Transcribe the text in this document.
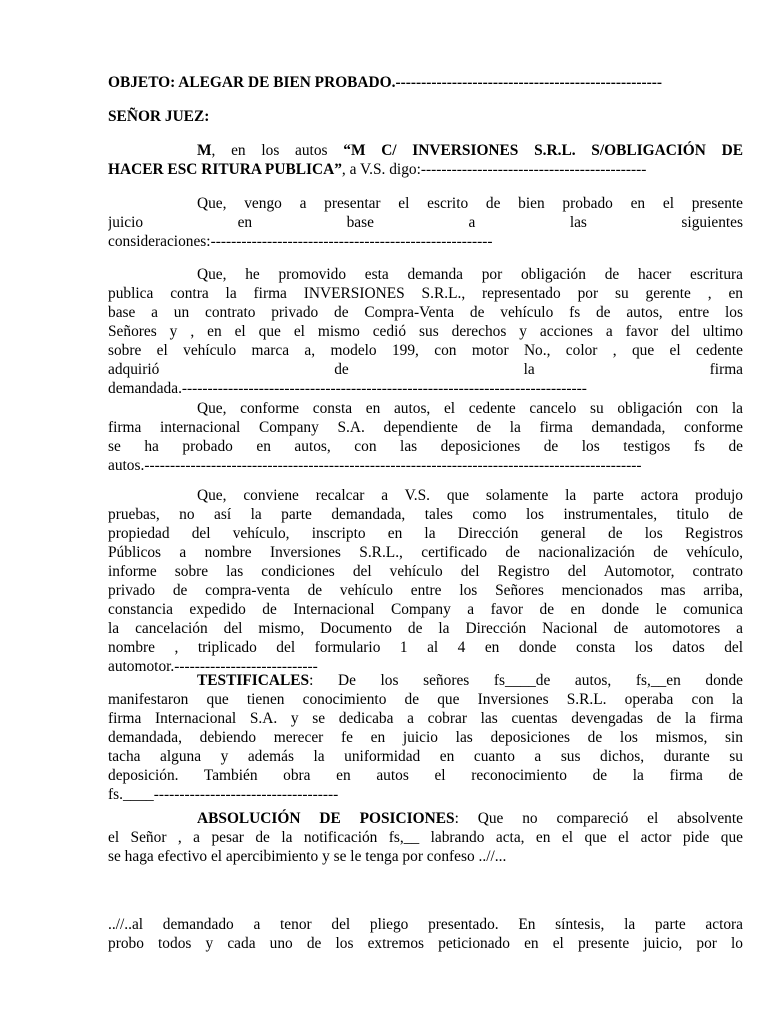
OBJETO: ALEGAR DE BIEN PROBADO.----------------------------------------------------
SEÑOR JUEZ:
M, en los autos “M C/ INVERSIONES S.R.L. S/OBLIGACIÓN DE
HACER ESC RITURA PUBLICA”, a V.S. digo:--------------------------------------------
Que, vengo a presentar el escrito de bien probado en el presente
juicio en base a las siguientes
consideraciones:-------------------------------------------------------
Que, he promovido esta demanda por obligación de hacer escritura
publica contra la firma INVERSIONES S.R.L., representado por su gerente , en
base a un contrato privado de Compra-Venta de vehículo fs de autos, entre los
Señores y , en el que el mismo cedió sus derechos y acciones a favor del ultimo
sobre el vehículo marca a, modelo 199, con motor No., color , que el cedente
adquirió de la firma
demandada.-------------------------------------------------------------------------------
Que, conforme consta en autos, el cedente cancelo su obligación con la
firma internacional Company S.A. dependiente de la firma demandada, conforme
se ha probado en autos, con las deposiciones de los testigos fs de
autos.-------------------------------------------------------------------------------------------------
Que, conviene recalcar a V.S. que solamente la parte actora produjo
pruebas, no así la parte demandada, tales como los instrumentales, titulo de
propiedad del vehículo, inscripto en la Dirección general de los Registros
Públicos a nombre Inversiones S.R.L., certificado de nacionalización de vehículo,
informe sobre las condiciones del vehículo del Registro del Automotor, contrato
privado de compra-venta de vehículo entre los Señores mencionados mas arriba,
constancia expedido de Internacional Company a favor de en donde le comunica
la cancelación del mismo, Documento de la Dirección Nacional de automotores a
nombre , triplicado del formulario 1 al 4 en donde consta los datos del
automotor.----------------------------
TESTIFICALES: De los señores fs____de autos, fs,__en donde
manifestaron que tienen conocimiento de que Inversiones S.R.L. operaba con la
firma Internacional S.A. y se dedicaba a cobrar las cuentas devengadas de la firma
demandada, debiendo merecer fe en juicio las deposiciones de los mismos, sin
tacha alguna y además la uniformidad en cuanto a sus dichos, durante su
deposición. También obra en autos el reconocimiento de la firma de
fs.____------------------------------------
ABSOLUCIÓN DE POSICIONES: Que no compareció el absolvente
el Señor , a pesar de la notificación fs,__ labrando acta, en el que el actor pide que
se haga efectivo el apercibimiento y se le tenga por confeso ..//...
..//..al demandado a tenor del pliego presentado. En síntesis, la parte actora
probo todos y cada uno de los extremos peticionado en el presente juicio, por lo
